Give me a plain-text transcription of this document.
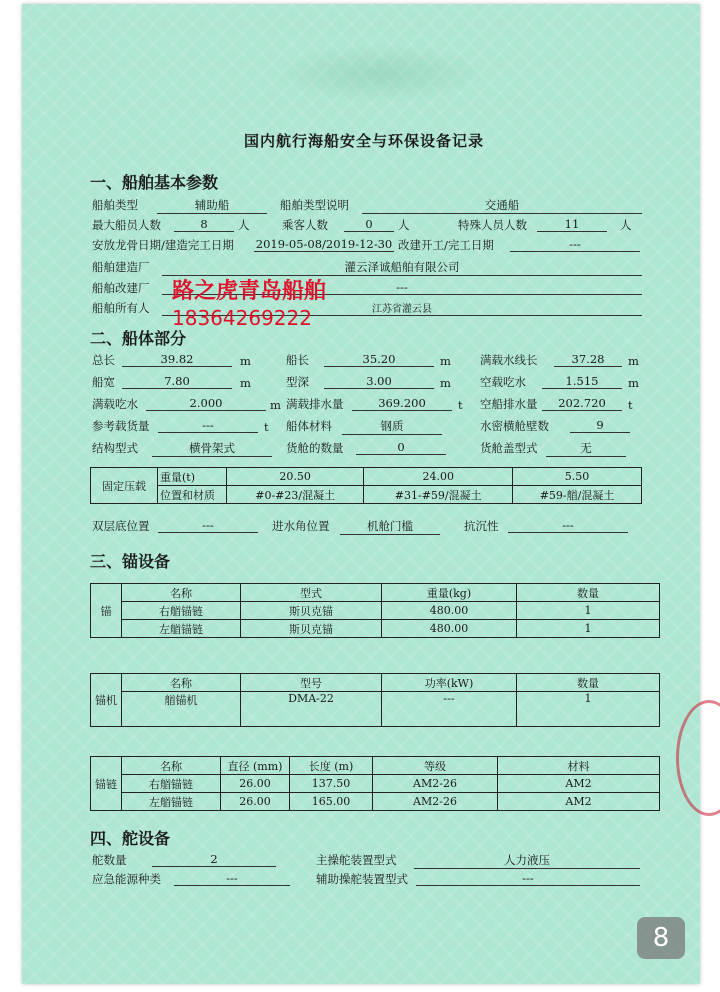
国内航行海船安全与环保设备记录
一、船舶基本参数
船舶类型	辅助船	船舶类型说明	交通船
最大船员人数	8	人	乘客人数	0	人	特殊人员人数	11	人
安放龙骨日期/建造完工日期 2019-05-08/2019-12-30 改建开工/完工日期	---
船舶建造厂	灌云泽诚船舶有限公司
船舶改建厂	---
船舶所有人	江苏省灌云县
路之虎青岛船舶
18364269222
二、船体部分
总长	39.82	m	船长	35.20	m	满载水线长	37.28	m
船宽	7.80	m	型深	3.00	m	空载吃水	1.515	m
满载吃水	2.000	m 满载排水量	369.200	t 空船排水量	202.720	t
参考载货量	---	t 船体材料	钢质	水密横舱壁数	9
结构型式	横骨架式	货舱的数量	0	货舱盖型式	无
固定压载	重量(t)	20.50	24.00	5.50
	位置和材质	#0-#23/混凝土	#31-#59/混凝土	#59-艏/混凝土
双层底位置	---	进水角位置	机舱门槛	抗沉性	---
三、锚设备
锚	名称	型式	重量(kg)	数量
	右艏锚链	斯贝克锚	480.00	1
	左艏锚链	斯贝克锚	480.00	1
锚机	名称	型号	功率(kW)	数量
	艏锚机	DMA-22	---	1
锚链	名称	直径 (mm)	长度 (m)	等级	材料
	右艏锚链	26.00	137.50	AM2-26	AM2
	左艏锚链	26.00	165.00	AM2-26	AM2
四、舵设备
舵数量	2	主操舵装置型式	人力液压
应急能源种类	---	辅助操舵装置型式	---
8
